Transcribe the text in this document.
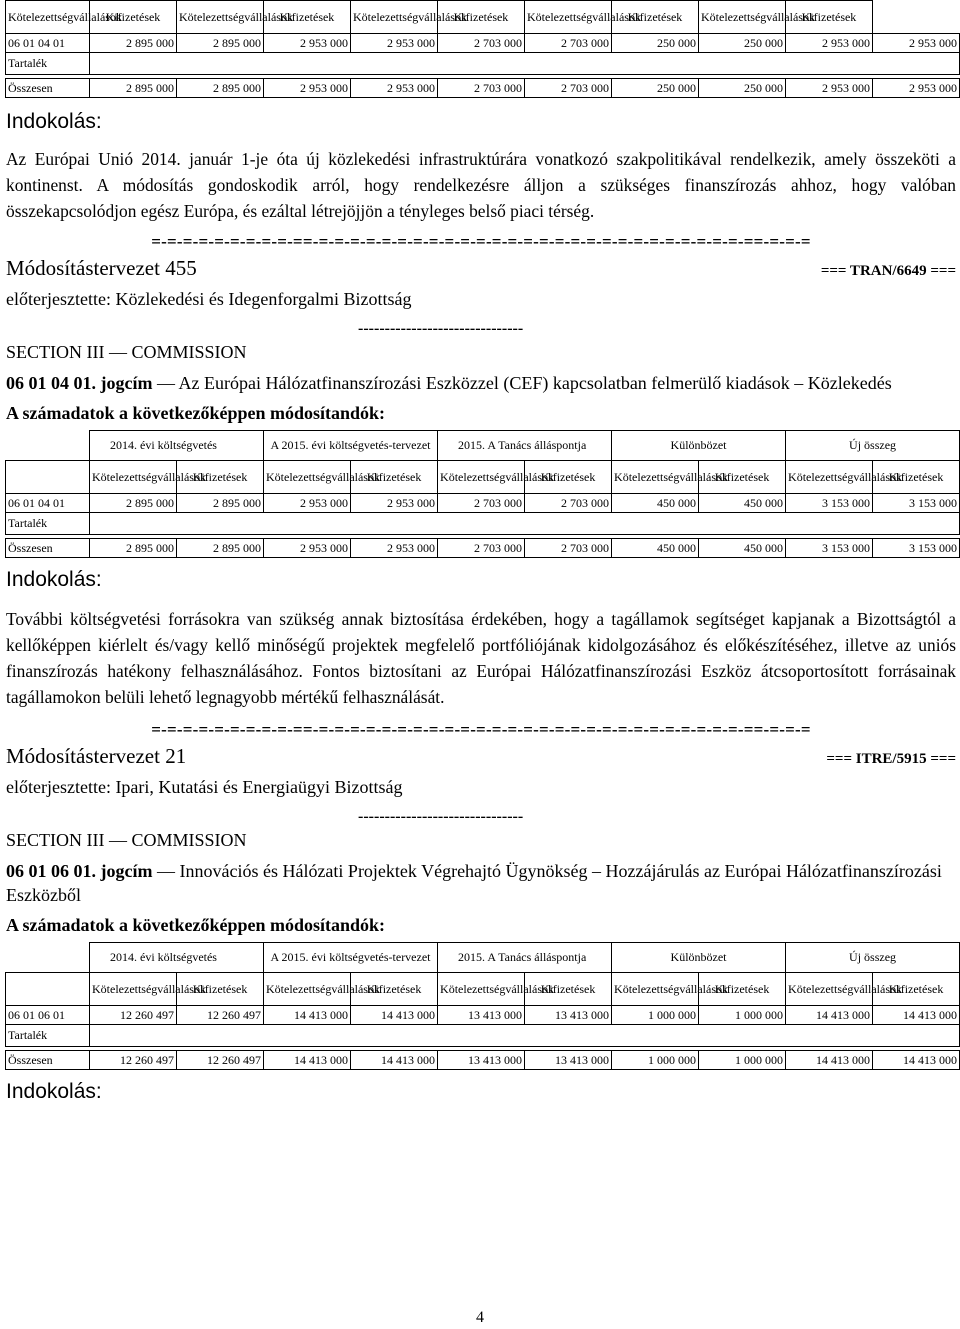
Kötelezettségvállalások	Kifizetések	Kötelezettségvállalások	Kifizetések	Kötelezettségvállalások	Kifizetések	Kötelezettségvállalások	Kifizetések	Kötelezettségvállalások	Kifizetések	
06 01 04 01	2 895 000	2 895 000	2 953 000	2 953 000	2 703 000	2 703 000	250 000	250 000	2 953 000	2 953 000
Tartalék										

Összesen	2 895 000	2 895 000	2 953 000	2 953 000	2 703 000	2 703 000	250 000	250 000	2 953 000	2 953 000

Indokolás:

Az Európai Unió 2014. január 1-je óta új közlekedési infrastruktúrára vonatkozó szakpolitikával rendelkezik, amely összeköti a kontinenst. A módosítás gondoskodik arról, hogy rendelkezésre álljon a szükséges finanszírozás ahhoz, hogy valóban összekapcsolódjon egész Európa, és ezáltal létrejöjjön a tényleges belső piaci térség.

=-=-=-=-=-=-=-=-=-==-=-=-=-=-=-=-=-=-=-=-=-=-=-=-=-=-=-=-=-=-=-=-=-=-=-=-=-==-=-=-=
Módosítástervezet 455	=== TRAN/6649 ===
előterjesztette: Közlekedési és Idegenforgalmi Bizottság
-------------------------------
SECTION III — COMMISSION
06 01 04 01. jogcím — Az Európai Hálózatfinanszírozási Eszközzel (CEF) kapcsolatban felmerülő kiadások – Közlekedés
A számadatok a következőképpen módosítandók:
	2014. évi költségvetés		A 2015. évi költségvetés-tervezet		2015. A Tanács álláspontja		Különbözet		Új összeg	
	Kötelezettségvállalások	Kifizetések	Kötelezettségvállalások	Kifizetések	Kötelezettségvállalások	Kifizetések	Kötelezettségvállalások	Kifizetések	Kötelezettségvállalások	Kifizetések
06 01 04 01	2 895 000	2 895 000	2 953 000	2 953 000	2 703 000	2 703 000	450 000	450 000	3 153 000	3 153 000
Tartalék										

Összesen	2 895 000	2 895 000	2 953 000	2 953 000	2 703 000	2 703 000	450 000	450 000	3 153 000	3 153 000

Indokolás:

További költségvetési forrásokra van szükség annak biztosítása érdekében, hogy a tagállamok segítséget kapjanak a Bizottságtól a kellőképpen kiérlelt és/vagy kellő minőségű projektek megfelelő portfóliójának kidolgozásához és előkészítéséhez, illetve az uniós finanszírozás hatékony felhasználásához. Fontos biztosítani az Európai Hálózatfinanszírozási Eszköz átcsoportosított forrásainak tagállamokon belüli lehető legnagyobb mértékű felhasználását.

=-=-=-=-=-=-=-=-=-==-=-=-=-=-=-=-=-=-=-=-=-=-=-=-=-=-=-=-=-=-=-=-=-=-=-=-=-==-=-=-=
Módosítástervezet 21	=== ITRE/5915 ===
előterjesztette: Ipari, Kutatási és Energiaügyi Bizottság
-------------------------------
SECTION III — COMMISSION
06 01 06 01. jogcím — Innovációs és Hálózati Projektek Végrehajtó Ügynökség – Hozzájárulás az Európai Hálózatfinanszírozási Eszközből
A számadatok a következőképpen módosítandók:
	2014. évi költségvetés		A 2015. évi költségvetés-tervezet		2015. A Tanács álláspontja		Különbözet		Új összeg	
	Kötelezettségvállalások	Kifizetések	Kötelezettségvállalások	Kifizetések	Kötelezettségvállalások	Kifizetések	Kötelezettségvállalások	Kifizetések	Kötelezettségvállalások	Kifizetések
06 01 06 01	12 260 497	12 260 497	14 413 000	14 413 000	13 413 000	13 413 000	1 000 000	1 000 000	14 413 000	14 413 000
Tartalék										

Összesen	12 260 497	12 260 497	14 413 000	14 413 000	13 413 000	13 413 000	1 000 000	1 000 000	14 413 000	14 413 000

Indokolás:

4
